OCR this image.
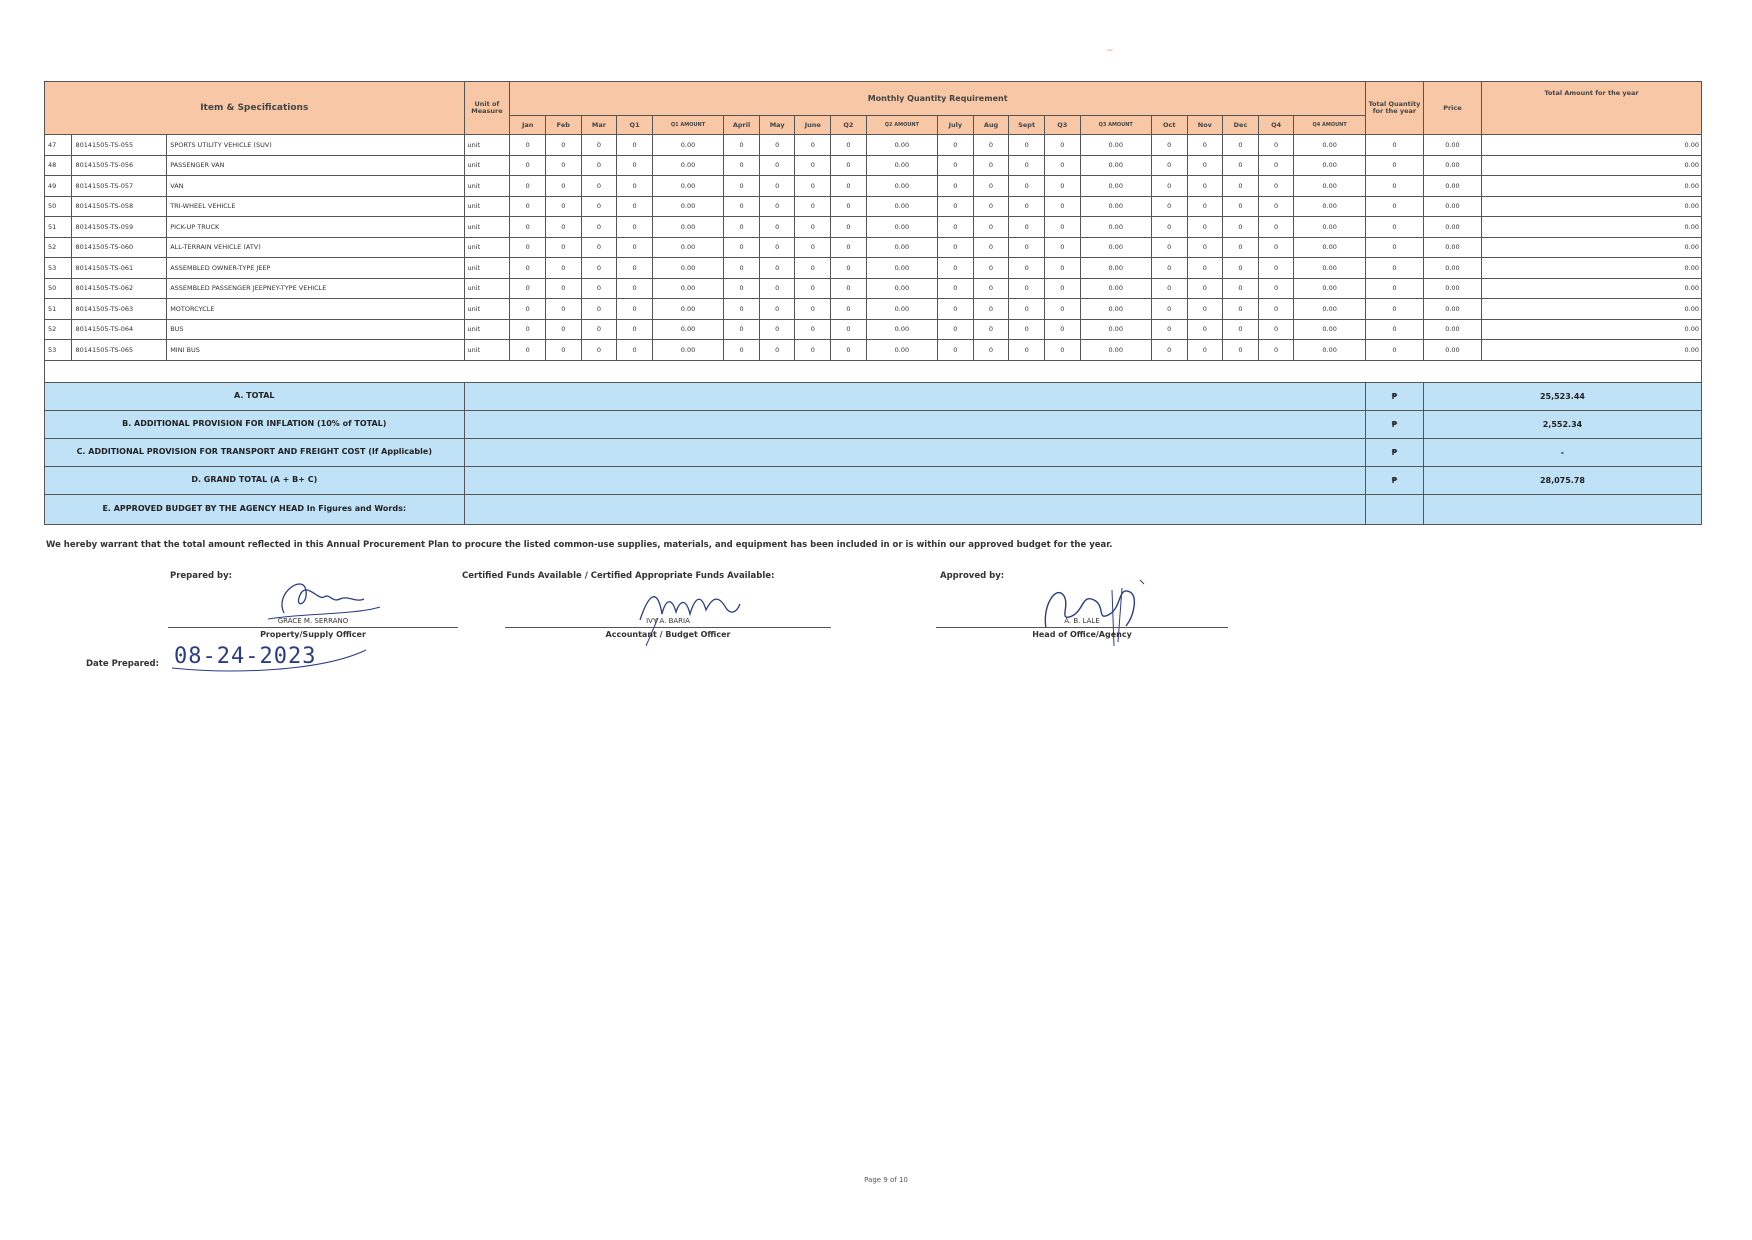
~
Item & Specifications			Unit of Measure	Monthly Quantity Requirement																				Total Quantity for the year	Price	Total Amount for the year
				Jan	Feb	Mar	Q1	Q1 AMOUNT	April	May	June	Q2	Q2 AMOUNT	July	Aug	Sept	Q3	Q3 AMOUNT	Oct	Nov	Dec	Q4	Q4 AMOUNT			
47	80141505-TS-055	SPORTS UTILITY VEHICLE (SUV)	unit	0	0	0	0	0.00	0	0	0	0	0.00	0	0	0	0	0.00	0	0	0	0	0.00	0	0.00	0.00
48	80141505-TS-056	PASSENGER VAN	unit	0	0	0	0	0.00	0	0	0	0	0.00	0	0	0	0	0.00	0	0	0	0	0.00	0	0.00	0.00
49	80141505-TS-057	VAN	unit	0	0	0	0	0.00	0	0	0	0	0.00	0	0	0	0	0.00	0	0	0	0	0.00	0	0.00	0.00
50	80141505-TS-058	TRI-WHEEL VEHICLE	unit	0	0	0	0	0.00	0	0	0	0	0.00	0	0	0	0	0.00	0	0	0	0	0.00	0	0.00	0.00
51	80141505-TS-059	PICK-UP TRUCK	unit	0	0	0	0	0.00	0	0	0	0	0.00	0	0	0	0	0.00	0	0	0	0	0.00	0	0.00	0.00
52	80141505-TS-060	ALL-TERRAIN VEHICLE (ATV)	unit	0	0	0	0	0.00	0	0	0	0	0.00	0	0	0	0	0.00	0	0	0	0	0.00	0	0.00	0.00
53	80141505-TS-061	ASSEMBLED OWNER-TYPE JEEP	unit	0	0	0	0	0.00	0	0	0	0	0.00	0	0	0	0	0.00	0	0	0	0	0.00	0	0.00	0.00
50	80141505-TS-062	ASSEMBLED PASSENGER JEEPNEY-TYPE VEHICLE	unit	0	0	0	0	0.00	0	0	0	0	0.00	0	0	0	0	0.00	0	0	0	0	0.00	0	0.00	0.00
51	80141505-TS-063	MOTORCYCLE	unit	0	0	0	0	0.00	0	0	0	0	0.00	0	0	0	0	0.00	0	0	0	0	0.00	0	0.00	0.00
52	80141505-TS-064	BUS	unit	0	0	0	0	0.00	0	0	0	0	0.00	0	0	0	0	0.00	0	0	0	0	0.00	0	0.00	0.00
53	80141505-TS-065	MINI BUS	unit	0	0	0	0	0.00	0	0	0	0	0.00	0	0	0	0	0.00	0	0	0	0	0.00	0	0.00	0.00

A. TOTAL																								₱	25,523.44	
B. ADDITIONAL PROVISION FOR INFLATION (10% of TOTAL)																								₱	2,552.34	
C. ADDITIONAL PROVISION FOR TRANSPORT AND FREIGHT COST (If Applicable)																								₱	-	
D. GRAND TOTAL (A + B+ C)																								₱	28,075.78	
E. APPROVED BUDGET BY THE AGENCY HEAD In Figures and Words:																										
We hereby warrant that the total amount reflected in this Annual Procurement Plan to procure the listed common-use supplies, materials, and equipment has been included in or is within our approved budget for the year.
Prepared by:
GRACE M. SERRANO
Property/Supply Officer
Date Prepared: 08-24-2023
Certified Funds Available / Certified Appropriate Funds Available:
IVY A. BARIA
Accountant / Budget Officer
Approved by:
A. B. LALE
Head of Office/Agency
Page 9 of 10
